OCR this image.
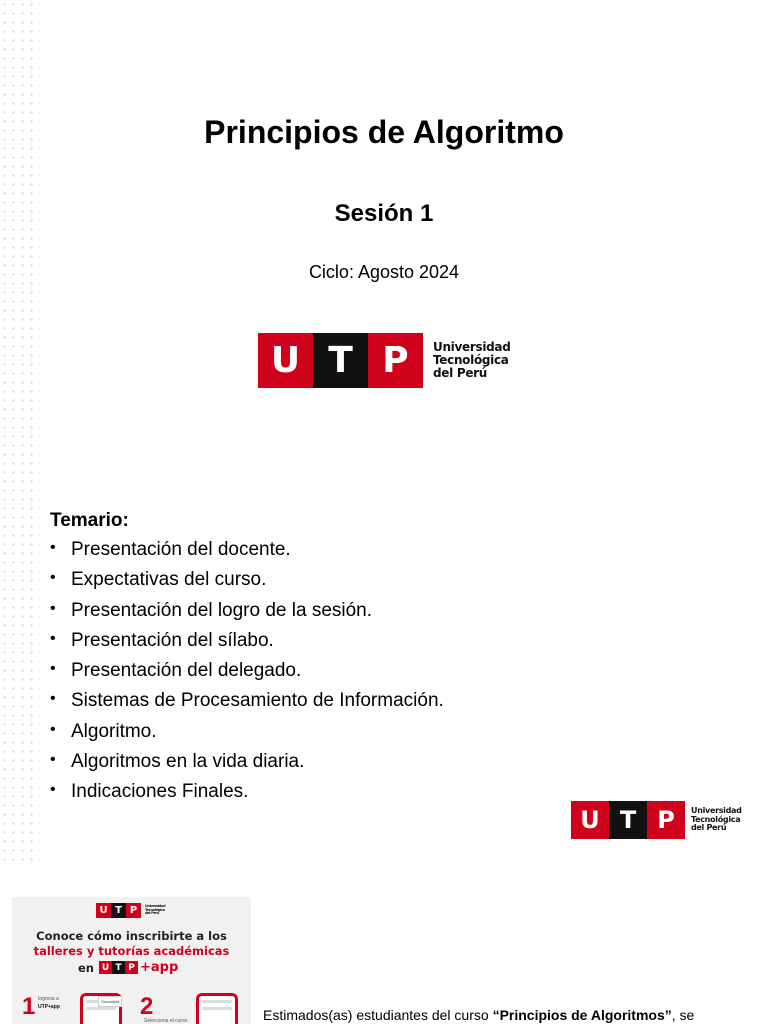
Principios de Algoritmo
Sesión 1
Ciclo: Agosto 2024
U T P	Universidad
Tecnológica
del Perú
Temario:
• Presentación del docente.
• Expectativas del curso.
• Presentación del logro de la sesión.
• Presentación del sílabo.
• Presentación del delegado.
• Sistemas de Procesamiento de Información.
• Algoritmo.
• Algoritmos en la vida diaria.
• Indicaciones Finales.
U T P	Universidad
Tecnológica
del Perú
U T P	Universidad
Tecnológica
del Perú
Conoce cómo inscribirte a los
talleres y tutorías académicas
en U T P +app
1 Ingresa a
UTP+app
Secciones 2
Selecciona el curso	Estimados(as) estudiantes del curso “Principios de Algoritmos”, se
